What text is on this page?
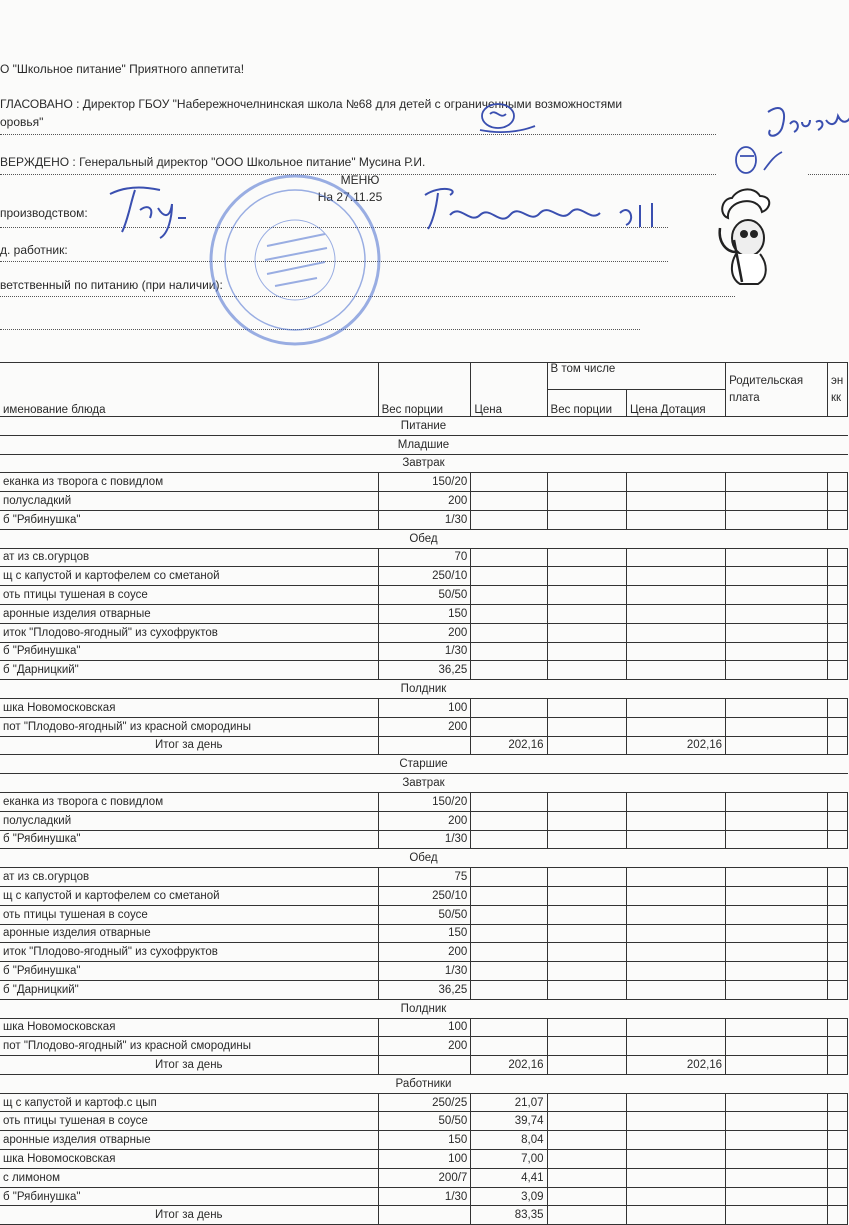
О "Школьное питание" Приятного аппетита!
ГЛАСОВАНО : Директор ГБОУ "Набережночелнинская школа №68 для детей с ограниченными возможностями
оровья"
ВЕРЖДЕНО : Генеральный директор "ООО Школьное питание" Мусина Р.И.
МЕНЮ
На 27.11.25
производством:
д. работник:
ветственный по питанию (при наличии):
именование блюда	Вес порции	Цена	В том числе		Родительская
плата	эн
кк
			Вес порции	Цена Дотация		
Питание						
Младшие						
Завтрак						
еканка из творога с повидлом	150/20					
полусладкий	200					
б "Рябинушка"	1/30					
Обед						
ат из св.огурцов	70					
щ с капустой и картофелем со сметаной	250/10					
оть птицы тушеная в соусе	50/50					
аронные изделия отварные	150					
иток "Плодово-ягодный" из сухофруктов	200					
б "Рябинушка"	1/30					
б "Дарницкий"	36,25					
Полдник						
шка Новомосковская	100					
пот "Плодово-ягодный" из красной смородины	200					
Итог за день		202,16		202,16		
Старшие						
Завтрак						
еканка из творога с повидлом	150/20					
полусладкий	200					
б "Рябинушка"	1/30					
Обед						
ат из св.огурцов	75					
щ с капустой и картофелем со сметаной	250/10					
оть птицы тушеная в соусе	50/50					
аронные изделия отварные	150					
иток "Плодово-ягодный" из сухофруктов	200					
б "Рябинушка"	1/30					
б "Дарницкий"	36,25					
Полдник						
шка Новомосковская	100					
пот "Плодово-ягодный" из красной смородины	200					
Итог за день		202,16		202,16		
Работники						
щ с капустой и картоф.с цып	250/25	21,07				
оть птицы тушеная в соусе	50/50	39,74				
аронные изделия отварные	150	8,04				
шка Новомосковская	100	7,00				
с лимоном	200/7	4,41				
б "Рябинушка"	1/30	3,09				
Итог за день		83,35				
